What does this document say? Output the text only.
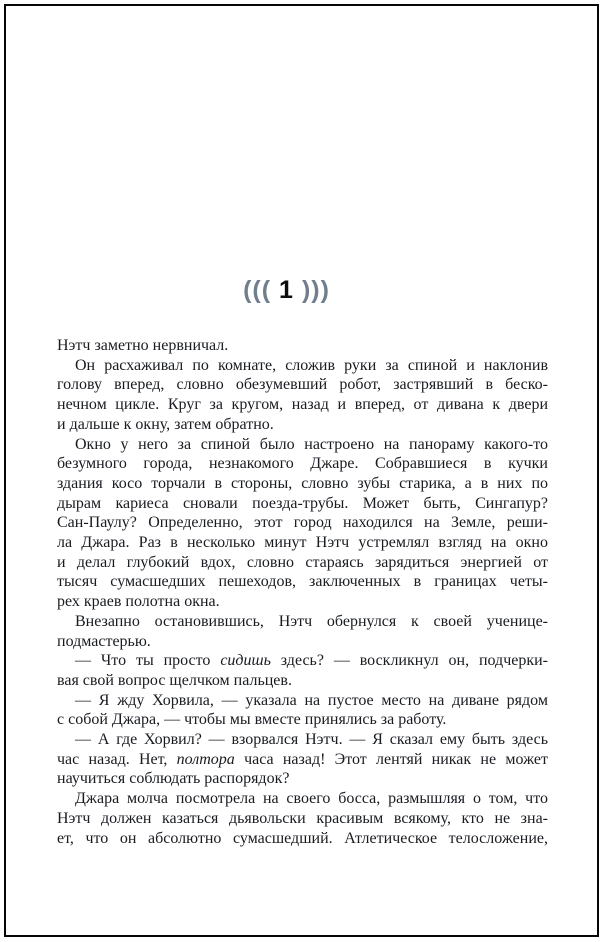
((( 1 )))
Нэтч заметно нервничал.
Он расхаживал по комнате, сложив руки за спиной и наклонив
голову вперед, словно обезумевший робот, застрявший в беско-
нечном цикле. Круг за кругом, назад и вперед, от дивана к двери
и дальше к окну, затем обратно.
Окно у него за спиной было настроено на панораму какого-то
безумного города, незнакомого Джаре. Собравшиеся в кучки
здания косо торчали в стороны, словно зубы старика, а в них по
дырам кариеса сновали поезда-трубы. Может быть, Сингапур?
Сан-Паулу? Определенно, этот город находился на Земле, реши-
ла Джара. Раз в несколько минут Нэтч устремлял взгляд на окно
и делал глубокий вдох, словно стараясь зарядиться энергией от
тысяч сумасшедших пешеходов, заключенных в границах четы-
рех краев полотна окна.
Внезапно остановившись, Нэтч обернулся к своей ученице-
подмастерью.
— Что ты просто сидишь здесь? — воскликнул он, подчерки-
вая свой вопрос щелчком пальцев.
— Я жду Хорвила, — указала на пустое место на диване рядом
с собой Джара, — чтобы мы вместе принялись за работу.
— А где Хорвил? — взорвался Нэтч. — Я сказал ему быть здесь
час назад. Нет, полтора часа назад! Этот лентяй никак не может
научиться соблюдать распорядок?
Джара молча посмотрела на своего босса, размышляя о том, что
Нэтч должен казаться дьявольски красивым всякому, кто не зна-
ет, что он абсолютно сумасшедший. Атлетическое телосложение,
